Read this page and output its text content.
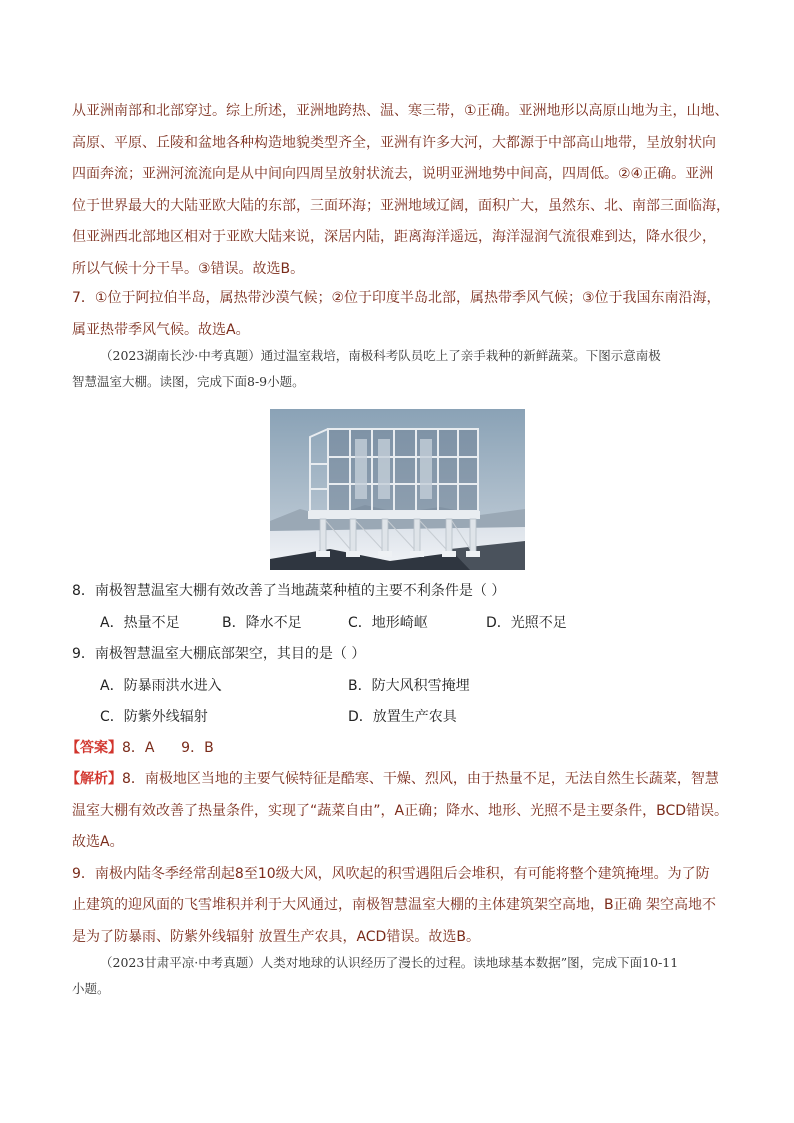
从亚洲南部和北部穿过。综上所述，亚洲地跨热、温、寒三带，①正确。亚洲地形以高原山地为主，山地、

高原、平原、丘陵和盆地各种构造地貌类型齐全，亚洲有许多大河，大都源于中部高山地带，呈放射状向

四面奔流；亚洲河流流向是从中间向四周呈放射状流去，说明亚洲地势中间高，四周低。②④正确。亚洲

位于世界最大的大陆亚欧大陆的东部，三面环海；亚洲地域辽阔，面积广大，虽然东、北、南部三面临海，

但亚洲西北部地区相对于亚欧大陆来说，深居内陆，距离海洋遥远，海洋湿润气流很难到达，降水很少，

所以气候十分干旱。③错误。故选B。

7．①位于阿拉伯半岛，属热带沙漠气候；②位于印度半岛北部，属热带季风气候；③位于我国东南沿海，

属亚热带季风气候。故选A。

（2023湖南长沙·中考真题）通过温室栽培，南极科考队员吃上了亲手栽种的新鲜蔬菜。下图示意南极

智慧温室大棚。读图，完成下面8-9小题。

8．南极智慧温室大棚有效改善了当地蔬菜种植的主要不利条件是（ ）
A．热量不足	B．降水不足	C．地形崎岖	D．光照不足
9．南极智慧温室大棚底部架空，其目的是（ ）
A．防暴雨洪水进入	B．防大风积雪掩埋
C．防紫外线辐射	D．放置生产农具
【答案】8．A      9．B

【解析】8．南极地区当地的主要气候特征是酷寒、干燥、烈风，由于热量不足，无法自然生长蔬菜，智慧

温室大棚有效改善了热量条件，实现了“蔬菜自由”，A正确；降水、地形、光照不是主要条件，BCD错误。

故选A。

9．南极内陆冬季经常刮起8至10级大风，风吹起的积雪遇阻后会堆积，有可能将整个建筑掩埋。为了防

止建筑的迎风面的飞雪堆积并利于大风通过，南极智慧温室大棚的主体建筑架空高地，B正确 架空高地不

是为了防暴雨、防紫外线辐射 放置生产农具，ACD错误。故选B。

（2023甘肃平凉·中考真题）人类对地球的认识经历了漫长的过程。读地球基本数据”图，完成下面10-11

小题。
